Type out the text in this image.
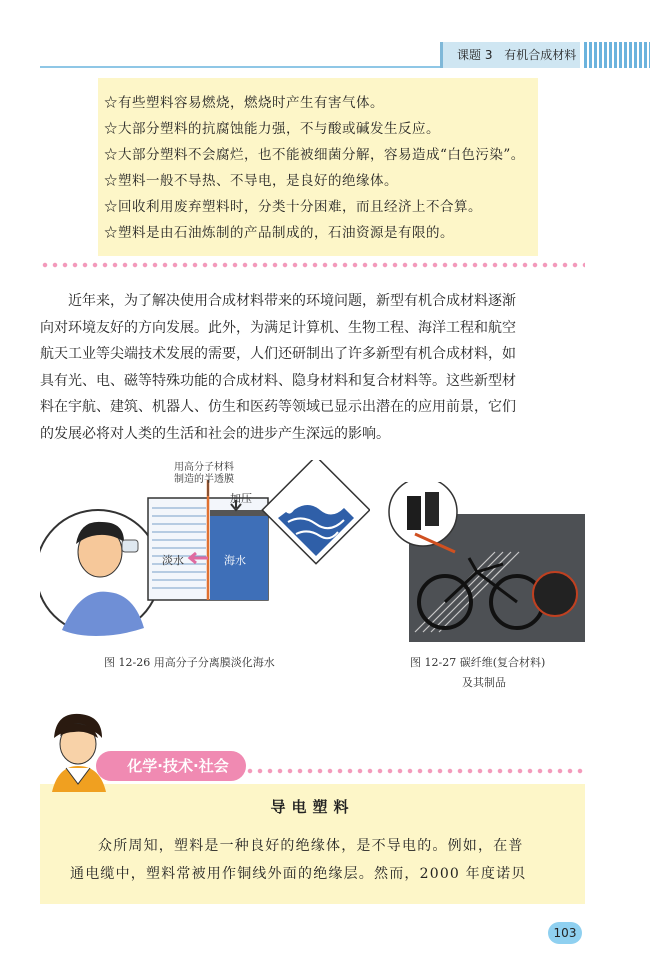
课题 3 有机合成材料
☆有些塑料容易燃烧，燃烧时产生有害气体。
☆大部分塑料的抗腐蚀能力强，不与酸或碱发生反应。
☆大部分塑料不会腐烂，也不能被细菌分解，容易造成“白色污染”。
☆塑料一般不导热、不导电，是良好的绝缘体。
☆回收利用废弃塑料时，分类十分困难，而且经济上不合算。
☆塑料是由石油炼制的产品制成的，石油资源是有限的。

近年来，为了解决使用合成材料带来的环境问题，新型有机合成材料逐渐

向对环境友好的方向发展。此外，为满足计算机、生物工程、海洋工程和航空

航天工业等尖端技术发展的需要，人们还研制出了许多新型有机合成材料，如

具有光、电、磁等特殊功能的合成材料、隐身材料和复合材料等。这些新型材

料在宇航、建筑、机器人、仿生和医药等领域已显示出潜在的应用前景，它们

的发展必将对人类的生活和社会的进步产生深远的影响。

用高分子材料
制造的半透膜
加压
淡水	海水
图 12-26 用高分子分离膜淡化海水	图 12-27 碳纤维(复合材料)
及其制品
化学·技术·社会
导电塑料

众所周知，塑料是一种良好的绝缘体，是不导电的。例如，在普

通电缆中，塑料常被用作铜线外面的绝缘层。然而，2000 年度诺贝

103
